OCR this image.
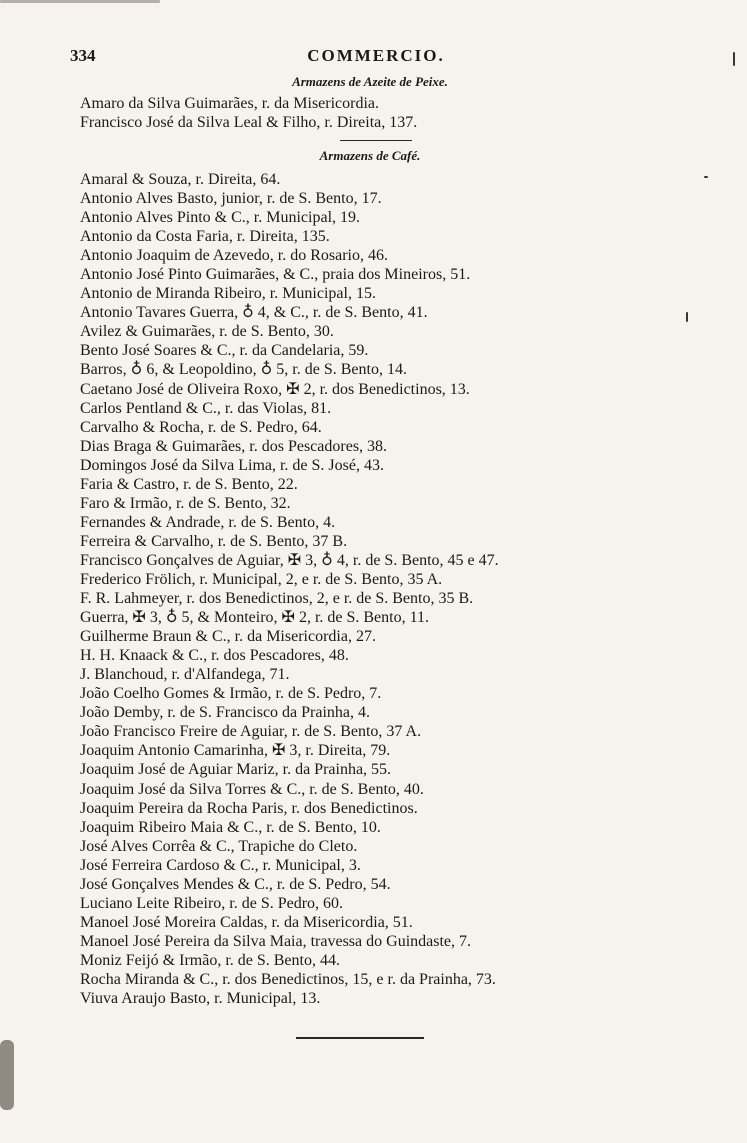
334	COMMERCIO.
Armazens de Azeite de Peixe.
Amaro da Silva Guimarães, r. da Misericordia.
Francisco José da Silva Leal & Filho, r. Direita, 137.
Armazens de Café.
Amaral & Souza, r. Direita, 64.
Antonio Alves Basto, junior, r. de S. Bento, 17.
Antonio Alves Pinto & C., r. Municipal, 19.
Antonio da Costa Faria, r. Direita, 135.
Antonio Joaquim de Azevedo, r. do Rosario, 46.
Antonio José Pinto Guimarães, & C., praia dos Mineiros, 51.
Antonio de Miranda Ribeiro, r. Municipal, 15.
Antonio Tavares Guerra, ♁ 4, & C., r. de S. Bento, 41.
Avilez & Guimarães, r. de S. Bento, 30.
Bento José Soares & C., r. da Candelaria, 59.
Barros, ♁ 6, & Leopoldino, ♁ 5, r. de S. Bento, 14.
Caetano José de Oliveira Roxo, ✠ 2, r. dos Benedictinos, 13.
Carlos Pentland & C., r. das Violas, 81.
Carvalho & Rocha, r. de S. Pedro, 64.
Dias Braga & Guimarães, r. dos Pescadores, 38.
Domingos José da Silva Lima, r. de S. José, 43.
Faria & Castro, r. de S. Bento, 22.
Faro & Irmão, r. de S. Bento, 32.
Fernandes & Andrade, r. de S. Bento, 4.
Ferreira & Carvalho, r. de S. Bento, 37 B.
Francisco Gonçalves de Aguiar, ✠ 3, ♁ 4, r. de S. Bento, 45 e 47.
Frederico Frölich, r. Municipal, 2, e r. de S. Bento, 35 A.
F. R. Lahmeyer, r. dos Benedictinos, 2, e r. de S. Bento, 35 B.
Guerra, ✠ 3, ♁ 5, & Monteiro, ✠ 2, r. de S. Bento, 11.
Guilherme Braun & C., r. da Misericordia, 27.
H. H. Knaack & C., r. dos Pescadores, 48.
J. Blanchoud, r. d'Alfandega, 71.
João Coelho Gomes & Irmão, r. de S. Pedro, 7.
João Demby, r. de S. Francisco da Prainha, 4.
João Francisco Freire de Aguiar, r. de S. Bento, 37 A.
Joaquim Antonio Camarinha, ✠ 3, r. Direita, 79.
Joaquim José de Aguiar Mariz, r. da Prainha, 55.
Joaquim José da Silva Torres & C., r. de S. Bento, 40.
Joaquim Pereira da Rocha Paris, r. dos Benedictinos.
Joaquim Ribeiro Maia & C., r. de S. Bento, 10.
José Alves Corrêa & C., Trapiche do Cleto.
José Ferreira Cardoso & C., r. Municipal, 3.
José Gonçalves Mendes & C., r. de S. Pedro, 54.
Luciano Leite Ribeiro, r. de S. Pedro, 60.
Manoel José Moreira Caldas, r. da Misericordia, 51.
Manoel José Pereira da Silva Maia, travessa do Guindaste, 7.
Moniz Feijó & Irmão, r. de S. Bento, 44.
Rocha Miranda & C., r. dos Benedictinos, 15, e r. da Prainha, 73.
Viuva Araujo Basto, r. Municipal, 13.
